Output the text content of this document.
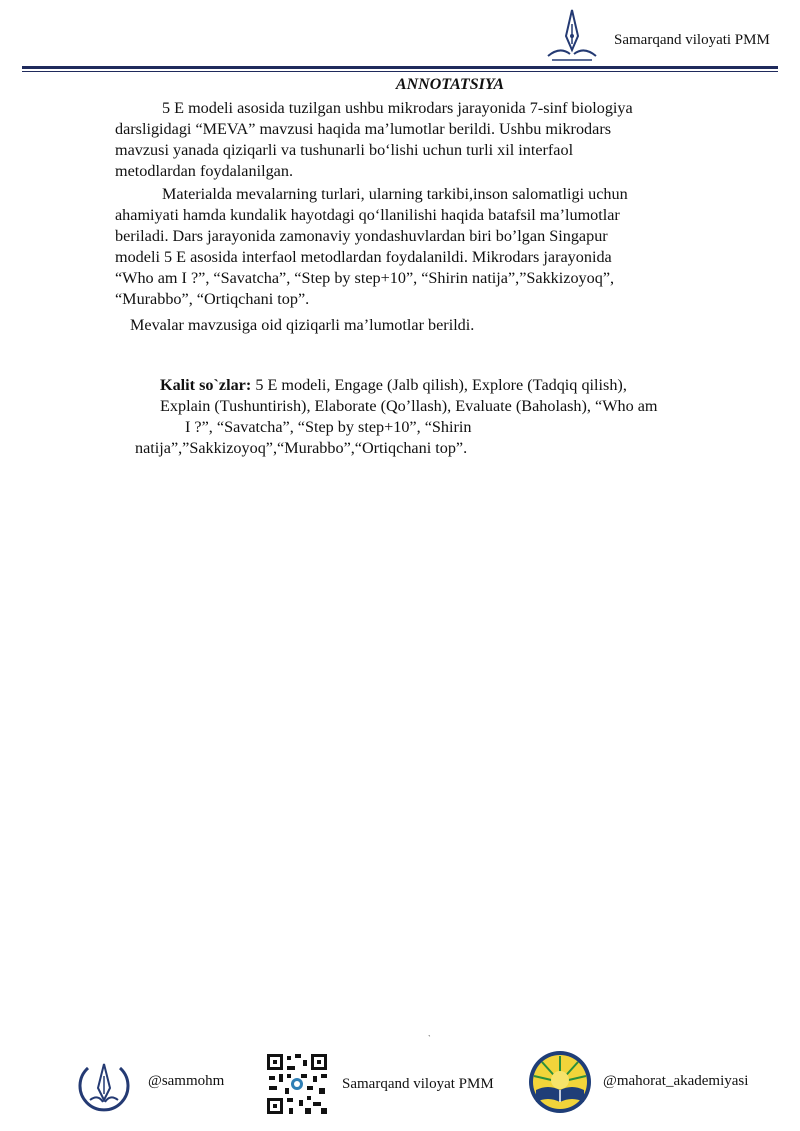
Samarqand viloyati PMM
ANNOTATSIYA
5 E modeli asosida tuzilgan ushbu mikrodars jarayonida 7-sinf biologiya
darsligidagi “MEVA” mavzusi haqida ma’lumotlar berildi. Ushbu mikrodars
mavzusi yanada qiziqarli va tushunarli bo‘lishi uchun turli xil interfaol
metodlardan foydalanilgan.
Materialda mevalarning turlari, ularning tarkibi,inson salomatligi uchun
ahamiyati hamda kundalik hayotdagi qo‘llanilishi haqida batafsil ma’lumotlar
beriladi. Dars jarayonida zamonaviy yondashuvlardan biri bo’lgan Singapur
modeli 5 E asosida interfaol metodlardan foydalanildi. Mikrodars jarayonida
“Who am I ?”, “Savatcha”, “Step by step+10”, “Shirin natija”,”Sakkizoyoq”,
“Murabbo”, “Ortiqchani top”.
Mevalar mavzusiga oid qiziqarli ma’lumotlar berildi.
Kalit so`zlar: 5 E modeli, Engage (Jalb qilish), Explore (Tadqiq qilish),
Explain (Tushuntirish), Elaborate (Qo’llash), Evaluate (Baholash), “Who am
I ?”, “Savatcha”, “Step by step+10”, “Shirin
natija”,”Sakkizoyoq”,“Murabbo”,“Ortiqchani top”.
`
@sammohm	Samarqand viloyat PMM	@mahorat_akademiyasi
